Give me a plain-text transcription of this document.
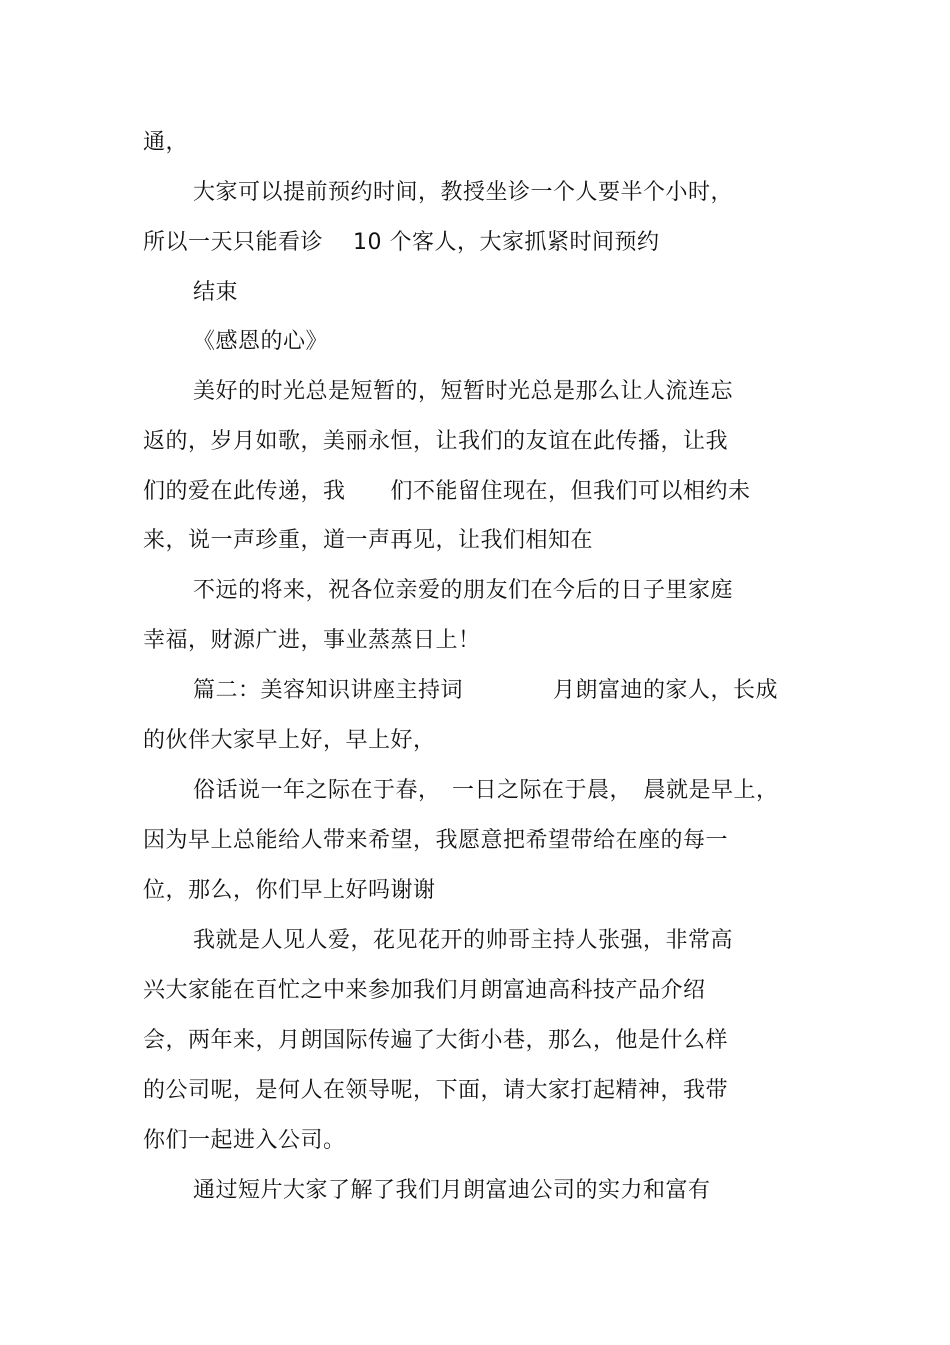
通，
大家可以提前预约时间，教授坐诊一个人要半个小时，
所以一天只能看诊　 10 个客人，大家抓紧时间预约
结束
《感恩的心》
美好的时光总是短暂的，短暂时光总是那么让人流连忘
返的，岁月如歌，美丽永恒，让我们的友谊在此传播，让我
们的爱在此传递，我　　们不能留住现在，但我们可以相约未
来，说一声珍重，道一声再见，让我们相知在
不远的将来，祝各位亲爱的朋友们在今后的日子里家庭
幸福，财源广进，事业蒸蒸日上！
篇二：美容知识讲座主持词　　　　月朗富迪的家人，长成
的伙伴大家早上好，早上好，
俗话说一年之际在于春，　一日之际在于晨，　晨就是早上，
因为早上总能给人带来希望，我愿意把希望带给在座的每一
位，那么，你们早上好吗谢谢
我就是人见人爱，花见花开的帅哥主持人张强，非常高
兴大家能在百忙之中来参加我们月朗富迪高科技产品介绍
会，两年来，月朗国际传遍了大街小巷，那么，他是什么样
的公司呢，是何人在领导呢，下面，请大家打起精神，我带
你们一起进入公司。
通过短片大家了解了我们月朗富迪公司的实力和富有
